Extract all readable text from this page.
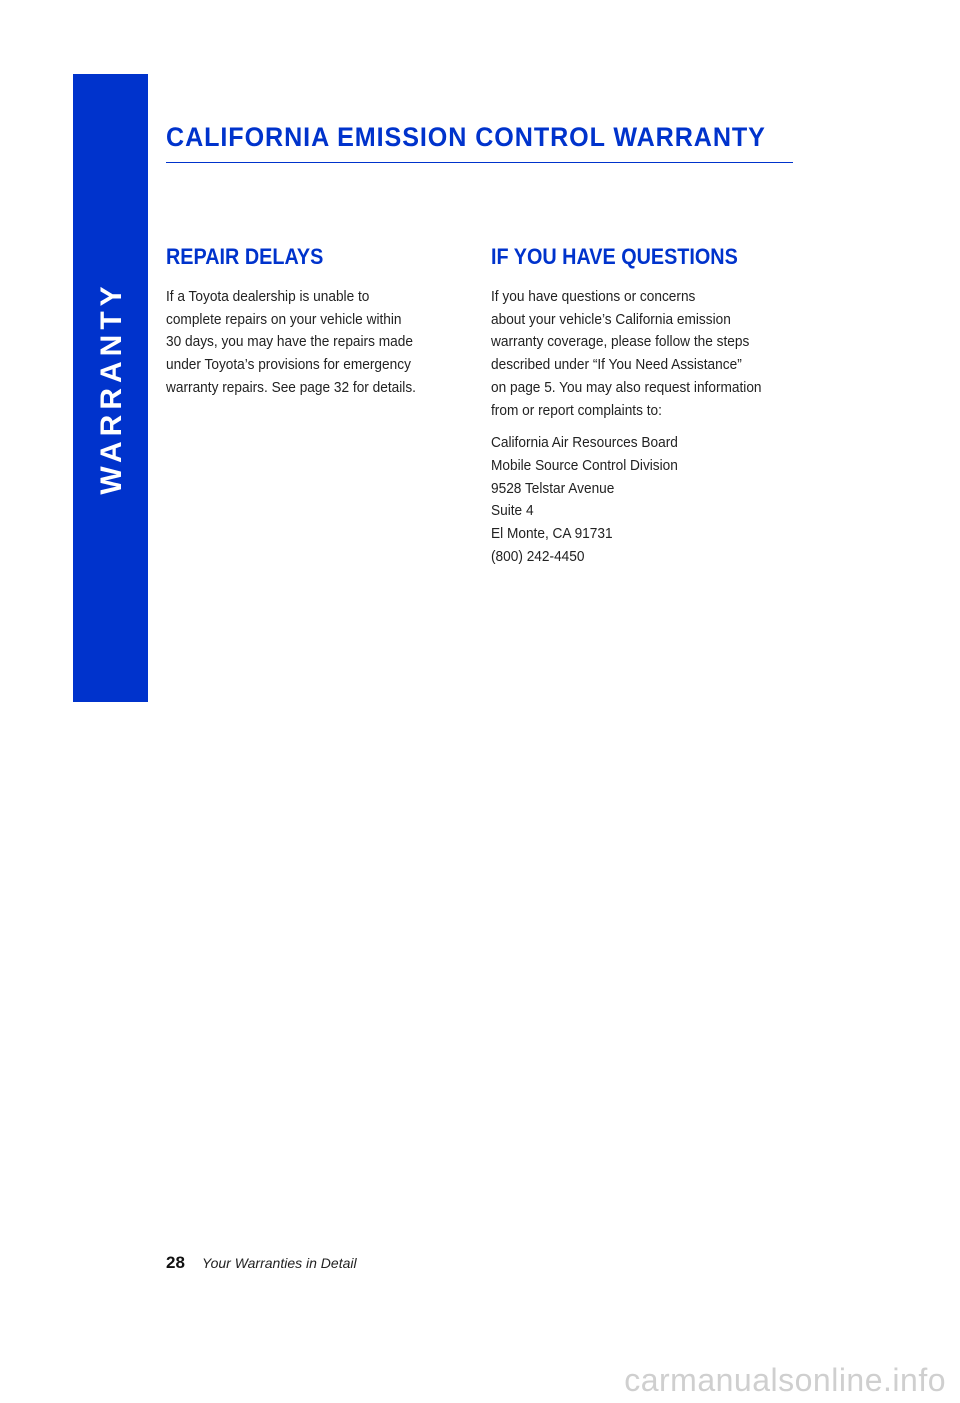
WARRANTY
CALIFORNIA EMISSION CONTROL WARRANTY
REPAIR DELAYS

If a Toyota dealership is unable to
complete repairs on your vehicle within
30 days, you may have the repairs made
under Toyota’s provisions for emergency
warranty repairs. See page 32 for details.

IF YOU HAVE QUESTIONS

If you have questions or concerns
about your vehicle’s California emission
warranty coverage, please follow the steps
described under “If You Need Assistance”
on page 5. You may also request information
from or report complaints to:

California Air Resources Board
Mobile Source Control Division
9528 Telstar Avenue
Suite 4
El Monte, CA 91731
(800) 242-4450

28 Your Warranties in Detail
carmanualsonline.info
